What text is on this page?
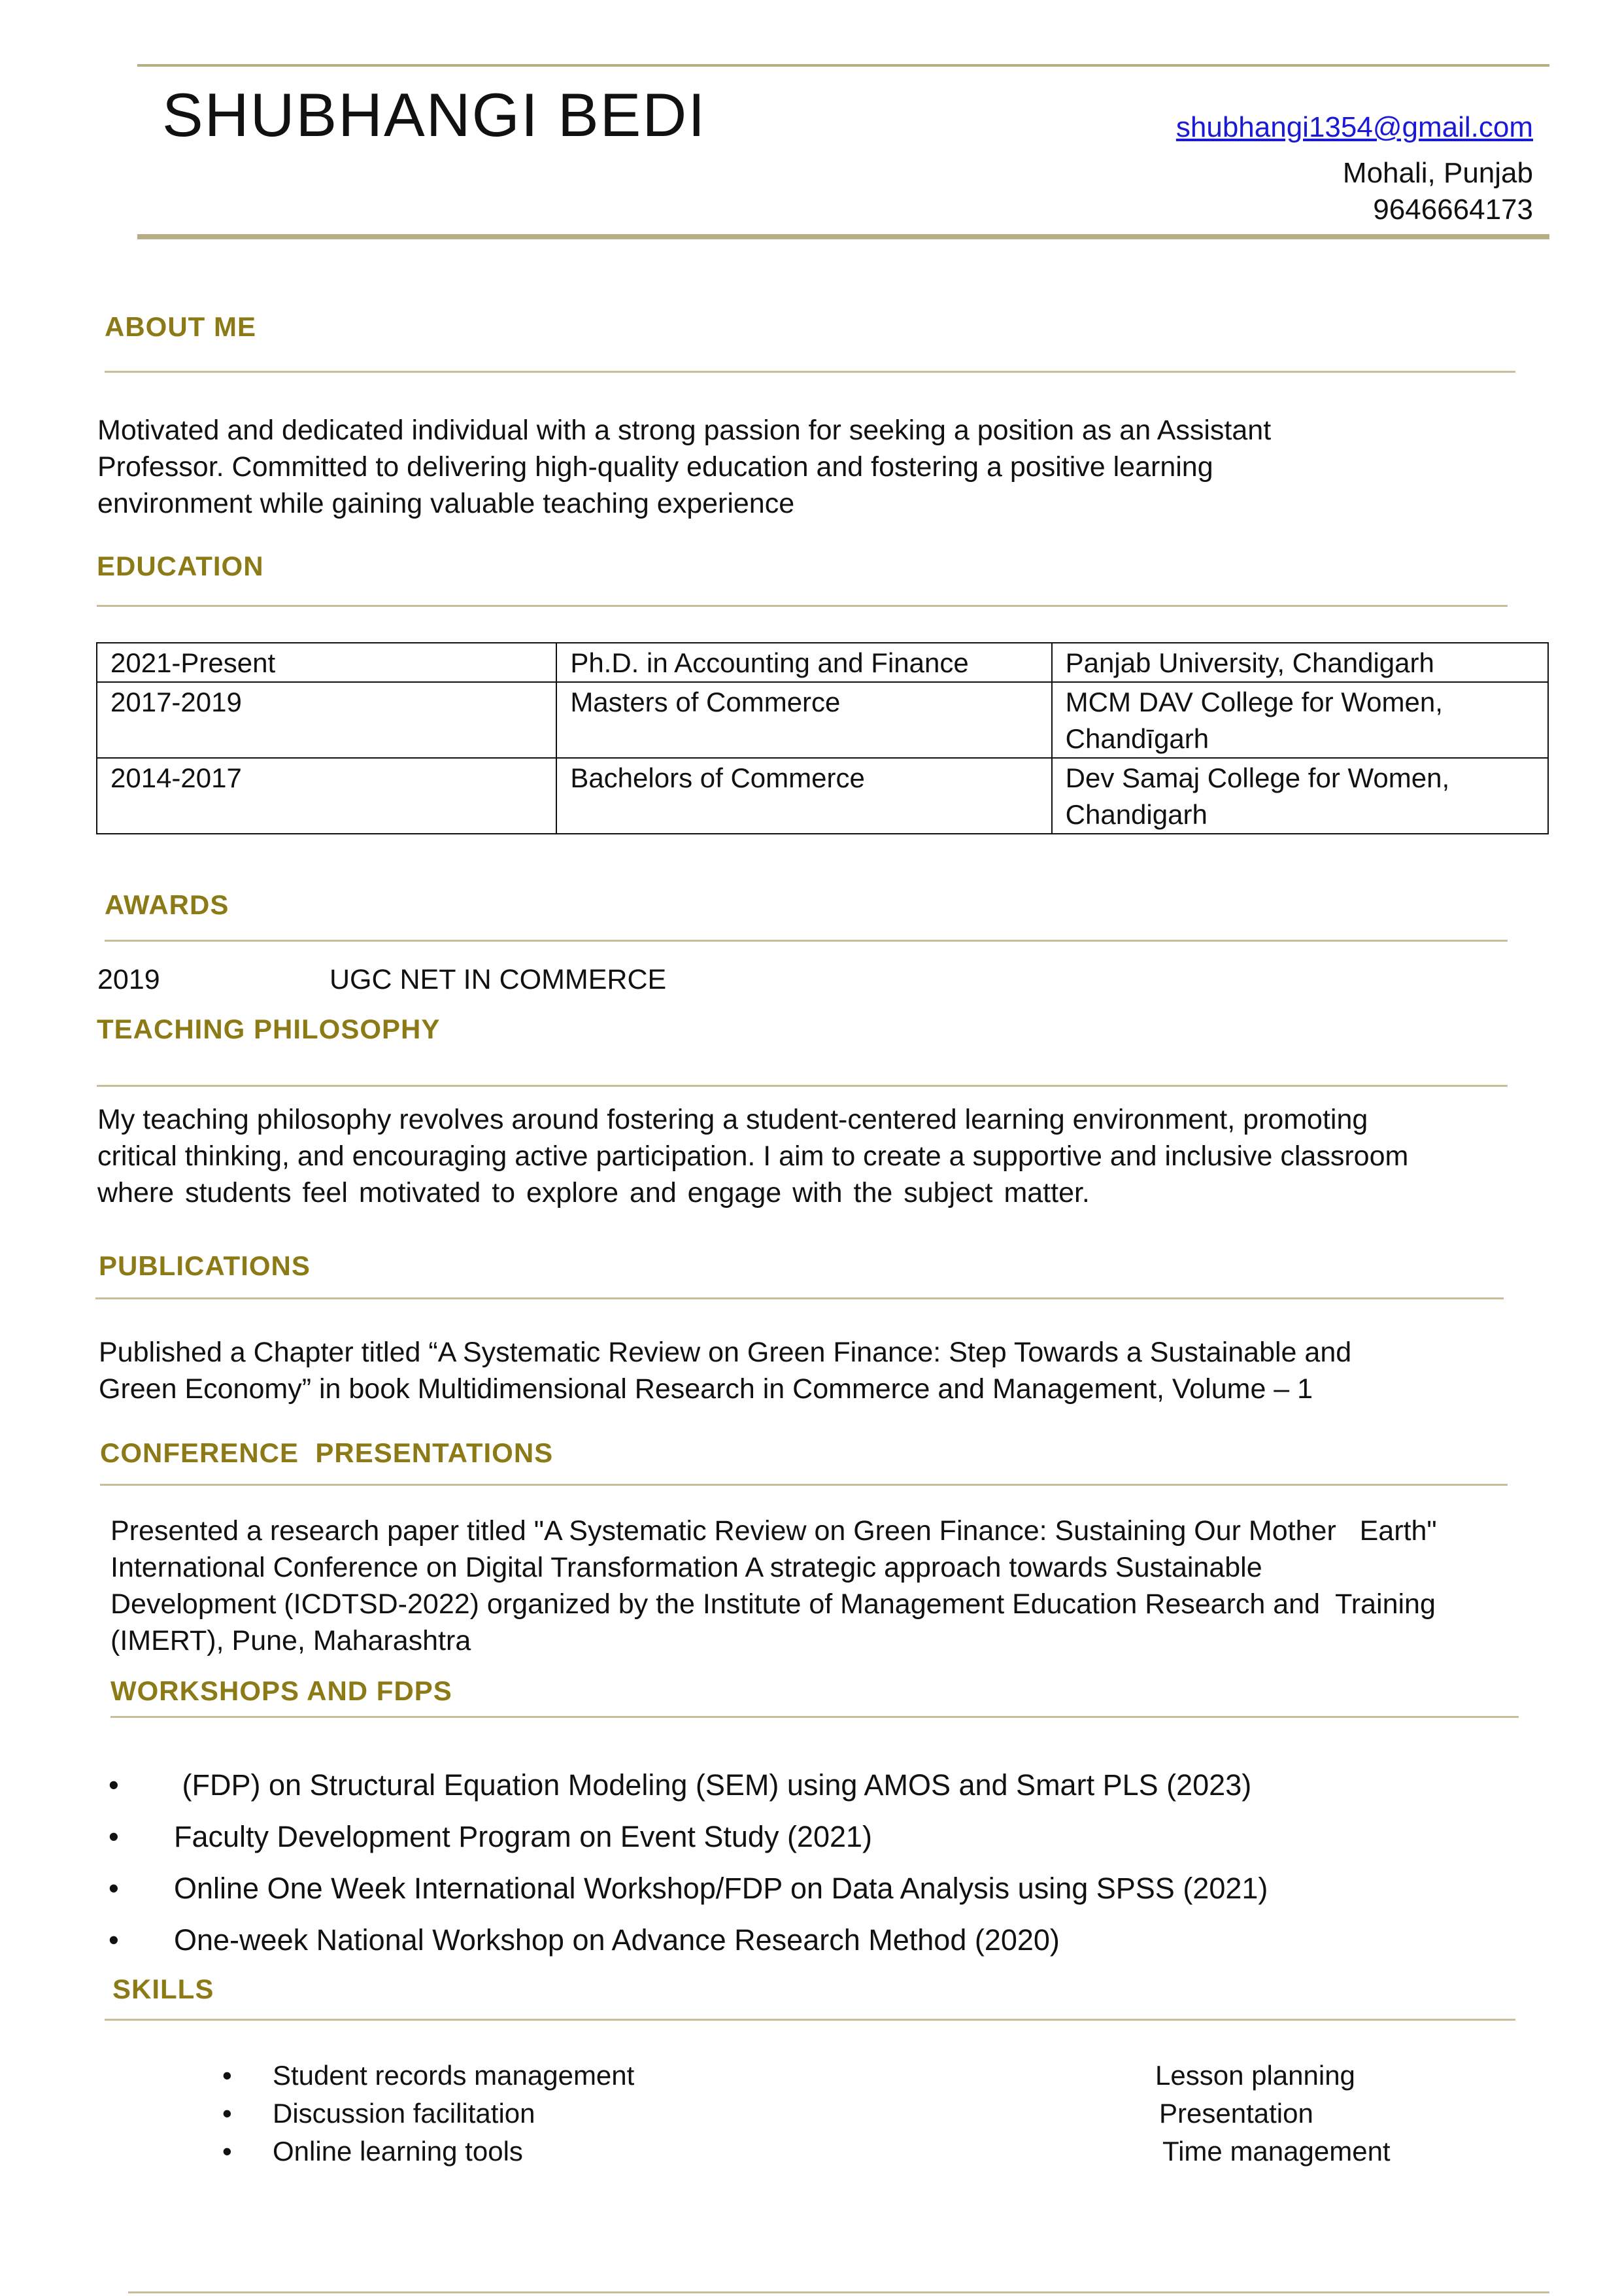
SHUBHANGI BEDI	shubhangi1354@gmail.com
Mohali, Punjab
9646664173
ABOUT ME
Motivated and dedicated individual with a strong passion for seeking a position as an Assistant
Professor. Committed to delivering high-quality education and fostering a positive learning
environment while gaining valuable teaching experience
EDUCATION
2021-Present	Ph.D. in Accounting and Finance	Panjab University, Chandigarh

2017-2019	Masters of Commerce	MCM DAV College for Women,
Chandīgarh

2014-2017	Bachelors of Commerce	Dev Samaj College for Women,
Chandigarh
AWARDS
2019	UGC NET IN COMMERCE
TEACHING PHILOSOPHY
My teaching philosophy revolves around fostering a student-centered learning environment, promoting
critical thinking, and encouraging active participation. I aim to create a supportive and inclusive classroom
where students feel motivated to explore and engage with the subject matter.
PUBLICATIONS
Published a Chapter titled “A Systematic Review on Green Finance: Step Towards a Sustainable and
Green Economy” in book Multidimensional Research in Commerce and Management, Volume – 1
CONFERENCE  PRESENTATIONS
Presented a research paper titled "A Systematic Review on Green Finance: Sustaining Our Mother   Earth"
International Conference on Digital Transformation A strategic approach towards Sustainable
Development (ICDTSD-2022) organized by the Institute of Management Education Research and  Training
(IMERT), Pune, Maharashtra
WORKSHOPS AND FDPS
• (FDP) on Structural Equation Modeling (SEM) using AMOS and Smart PLS (2023)
• Faculty Development Program on Event Study (2021)
• Online One Week International Workshop/FDP on Data Analysis using SPSS (2021)
• One-week National Workshop on Advance Research Method (2020)
SKILLS
• Student records management
• Discussion facilitation
• Online learning tools
Lesson planning
Presentation
Time management
